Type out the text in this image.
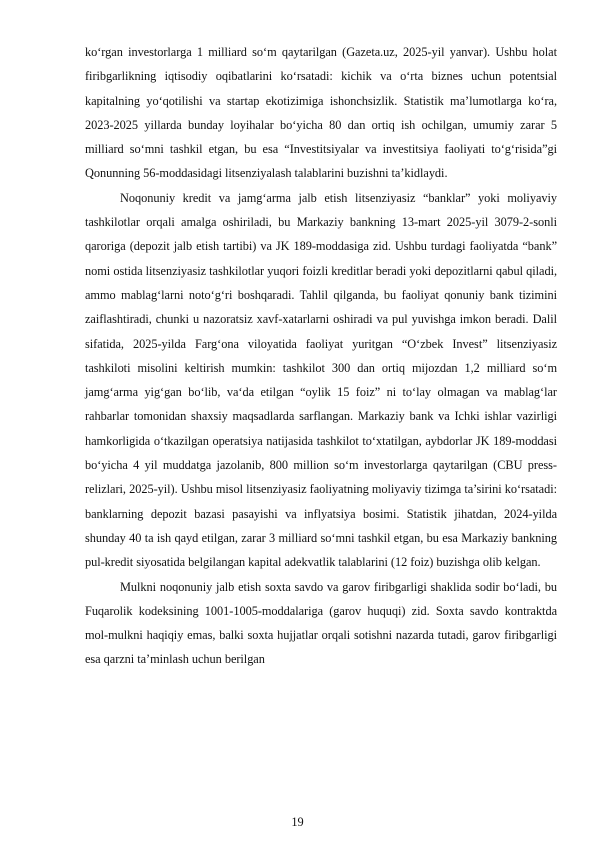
ko‘rgan investorlarga 1 milliard so‘m qaytarilgan (Gazeta.uz, 2025-yil yanvar). Ushbu holat firibgarlikning iqtisodiy oqibatlarini ko‘rsatadi: kichik va o‘rta biznes uchun potentsial kapitalning yo‘qotilishi va startap ekotizimiga ishonchsizlik. Statistik ma’lumotlarga ko‘ra, 2023-2025 yillarda bunday loyihalar bo‘yicha 80 dan ortiq ish ochilgan, umumiy zarar 5 milliard so‘mni tashkil etgan, bu esa “Investitsiyalar va investitsiya faoliyati to‘g‘risida”gi Qonunning 56-moddasidagi litsenziyalash talablarini buzishni ta’kidlaydi.

Noqonuniy kredit va jamg‘arma jalb etish litsenziyasiz “banklar” yoki moliyaviy tashkilotlar orqali amalga oshiriladi, bu Markaziy bankning 13-mart 2025-yil 3079-2-sonli qaroriga (depozit jalb etish tartibi) va JK 189-moddasiga zid. Ushbu turdagi faoliyatda “bank” nomi ostida litsenziyasiz tashkilotlar yuqori foizli kreditlar beradi yoki depozitlarni qabul qiladi, ammo mablag‘larni noto‘g‘ri boshqaradi. Tahlil qilganda, bu faoliyat qonuniy bank tizimini zaiflashtiradi, chunki u nazoratsiz xavf-xatarlarni oshiradi va pul yuvishga imkon beradi. Dalil sifatida, 2025-yilda Farg‘ona viloyatida faoliyat yuritgan “O‘zbek Invest” litsenziyasiz tashkiloti misolini keltirish mumkin: tashkilot 300 dan ortiq mijozdan 1,2 milliard so‘m jamg‘arma yig‘gan bo‘lib, va‘da etilgan “oylik 15 foiz” ni to‘lay olmagan va mablag‘lar rahbarlar tomonidan shaxsiy maqsadlarda sarflangan. Markaziy bank va Ichki ishlar vazirligi hamkorligida o‘tkazilgan operatsiya natijasida tashkilot to‘xtatilgan, aybdorlar JK 189-moddasi bo‘yicha 4 yil muddatga jazolanib, 800 million so‘m investorlarga qaytarilgan (CBU press-relizlari, 2025-yil). Ushbu misol litsenziyasiz faoliyatning moliyaviy tizimga ta’sirini ko‘rsatadi: banklarning depozit bazasi pasayishi va inflyatsiya bosimi. Statistik jihatdan, 2024-yilda shunday 40 ta ish qayd etilgan, zarar 3 milliard so‘mni tashkil etgan, bu esa Markaziy bankning pul-kredit siyosatida belgilangan kapital adekvatlik talablarini (12 foiz) buzishga olib kelgan.

Mulkni noqonuniy jalb etish soxta savdo va garov firibgarligi shaklida sodir bo‘ladi, bu Fuqarolik kodeksining 1001-1005-moddalariga (garov huquqi) zid. Soxta savdo kontraktda mol-mulkni haqiqiy emas, balki soxta hujjatlar orqali sotishni nazarda tutadi, garov firibgarligi esa qarzni ta’minlash uchun berilgan

19
